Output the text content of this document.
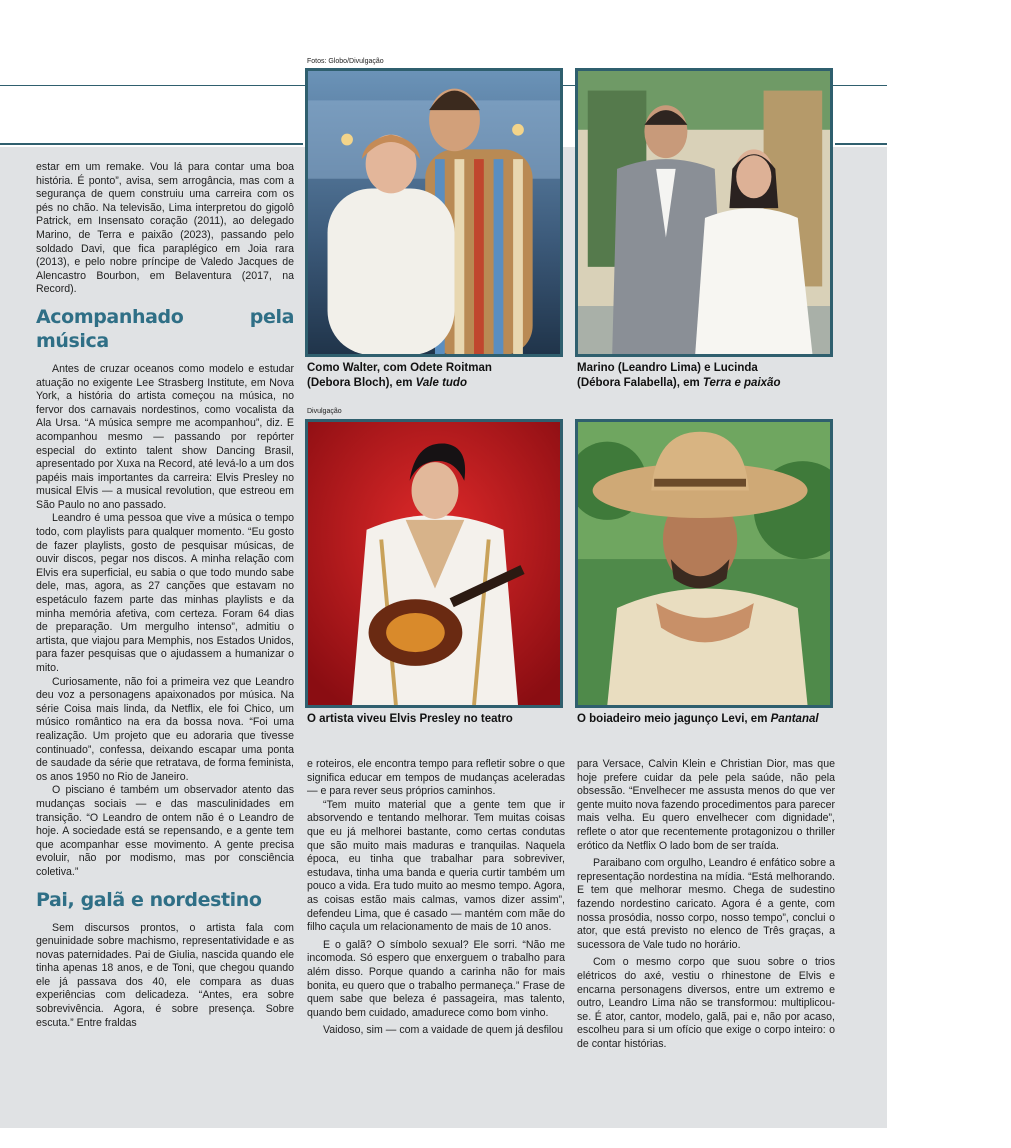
Fotos: Globo/Divulgação
Divulgação
Como Walter, com Odete Roitman
(Debora Bloch), em Vale tudo
Marino (Leandro Lima) e Lucinda
(Débora Falabella), em Terra e paixão
O artista viveu Elvis Presley no teatro	O boiadeiro meio jagunço Levi, em Pantanal

estar em um remake. Vou lá para contar uma boa história. É ponto”, avisa, sem arrogância, mas com a segurança de quem construiu uma carreira com os pés no chão. Na televisão, Lima interpretou do gigolô Patrick, em Insensato coração (2011), ao delegado Marino, de Terra e paixão (2023), passando pelo soldado Davi, que fica paraplégico em Joia rara (2013), e pelo nobre príncipe de Valedo Jacques de Alencastro Bourbon, em Belaventura (2017, na Record).

Acompanhado pela música

Antes de cruzar oceanos como modelo e estudar atuação no exigente Lee Strasberg Institute, em Nova York, a história do artista começou na música, no fervor dos carnavais nordestinos, como vocalista da Ala Ursa. “A música sempre me acompanhou”, diz. E acompanhou mesmo — passando por repórter especial do extinto talent show Dancing Brasil, apresentado por Xuxa na Record, até levá-lo a um dos papéis mais importantes da carreira: Elvis Presley no musical Elvis — a musical revolution, que estreou em São Paulo no ano passado.

Leandro é uma pessoa que vive a música o tempo todo, com playlists para qualquer momento. “Eu gosto de fazer playlists, gosto de pesquisar músicas, de ouvir discos, pegar nos discos. A minha relação com Elvis era superficial, eu sabia o que todo mundo sabe dele, mas, agora, as 27 canções que estavam no espetáculo fazem parte das minhas playlists e da minha memória afetiva, com certeza. Foram 64 dias de preparação. Um mergulho intenso”, admitiu o artista, que viajou para Memphis, nos Estados Unidos, para fazer pesquisas que o ajudassem a humanizar o mito.

Curiosamente, não foi a primeira vez que Leandro deu voz a personagens apaixonados por música. Na série Coisa mais linda, da Netflix, ele foi Chico, um músico romântico na era da bossa nova. “Foi uma realização. Um projeto que eu adoraria que tivesse continuado”, confessa, deixando escapar uma ponta de saudade da série que retratava, de forma feminista, os anos 1950 no Rio de Janeiro.

O pisciano é também um observador atento das mudanças sociais — e das masculinidades em transição. “O Leandro de ontem não é o Leandro de hoje. A sociedade está se repensando, e a gente tem que acompanhar esse movimento. A gente precisa evoluir, não por modismo, mas por consciência coletiva.”

Pai, galã e nordestino

Sem discursos prontos, o artista fala com genuinidade sobre machismo, representatividade e as novas paternidades. Pai de Giulia, nascida quando ele tinha apenas 18 anos, e de Toni, que chegou quando ele já passava dos 40, ele compara as duas experiências com delicadeza. “Antes, era sobre sobrevivência. Agora, é sobre presença. Sobre escuta.” Entre fraldas

e roteiros, ele encontra tempo para refletir sobre o que significa educar em tempos de mudanças aceleradas — e para rever seus próprios caminhos.

“Tem muito material que a gente tem que ir absorvendo e tentando melhorar. Tem muitas coisas que eu já melhorei bastante, como certas condutas que são muito mais maduras e tranquilas. Naquela época, eu tinha que trabalhar para sobreviver, estudava, tinha uma banda e queria curtir também um pouco a vida. Era tudo muito ao mesmo tempo. Agora, as coisas estão mais calmas, vamos dizer assim”, defendeu Lima, que é casado — mantém com mãe do filho caçula um relacionamento de mais de 10 anos.

E o galã? O símbolo sexual? Ele sorri. “Não me incomoda. Só espero que enxerguem o trabalho para além disso. Porque quando a carinha não for mais bonita, eu quero que o trabalho permaneça.” Frase de quem sabe que beleza é passageira, mas talento, quando bem cuidado, amadurece como bom vinho.

Vaidoso, sim — com a vaidade de quem já desfilou

para Versace, Calvin Klein e Christian Dior, mas que hoje prefere cuidar da pele pela saúde, não pela obsessão. “Envelhecer me assusta menos do que ver gente muito nova fazendo procedimentos para parecer mais velha. Eu quero envelhecer com dignidade”, reflete o ator que recentemente protagonizou o thriller erótico da Netflix O lado bom de ser traída.

Paraibano com orgulho, Leandro é enfático sobre a representação nordestina na mídia. “Está melhorando. E tem que melhorar mesmo. Chega de sudestino fazendo nordestino caricato. Agora é a gente, com nossa prosódia, nosso corpo, nosso tempo”, conclui o ator, que está previsto no elenco de Três graças, a sucessora de Vale tudo no horário.

Com o mesmo corpo que suou sobre o trios elétricos do axé, vestiu o rhinestone de Elvis e encarna personagens diversos, entre um extremo e outro, Leandro Lima não se transformou: multiplicou-se. É ator, cantor, modelo, galã, pai e, não por acaso, escolheu para si um ofício que exige o corpo inteiro: o de contar histórias.
